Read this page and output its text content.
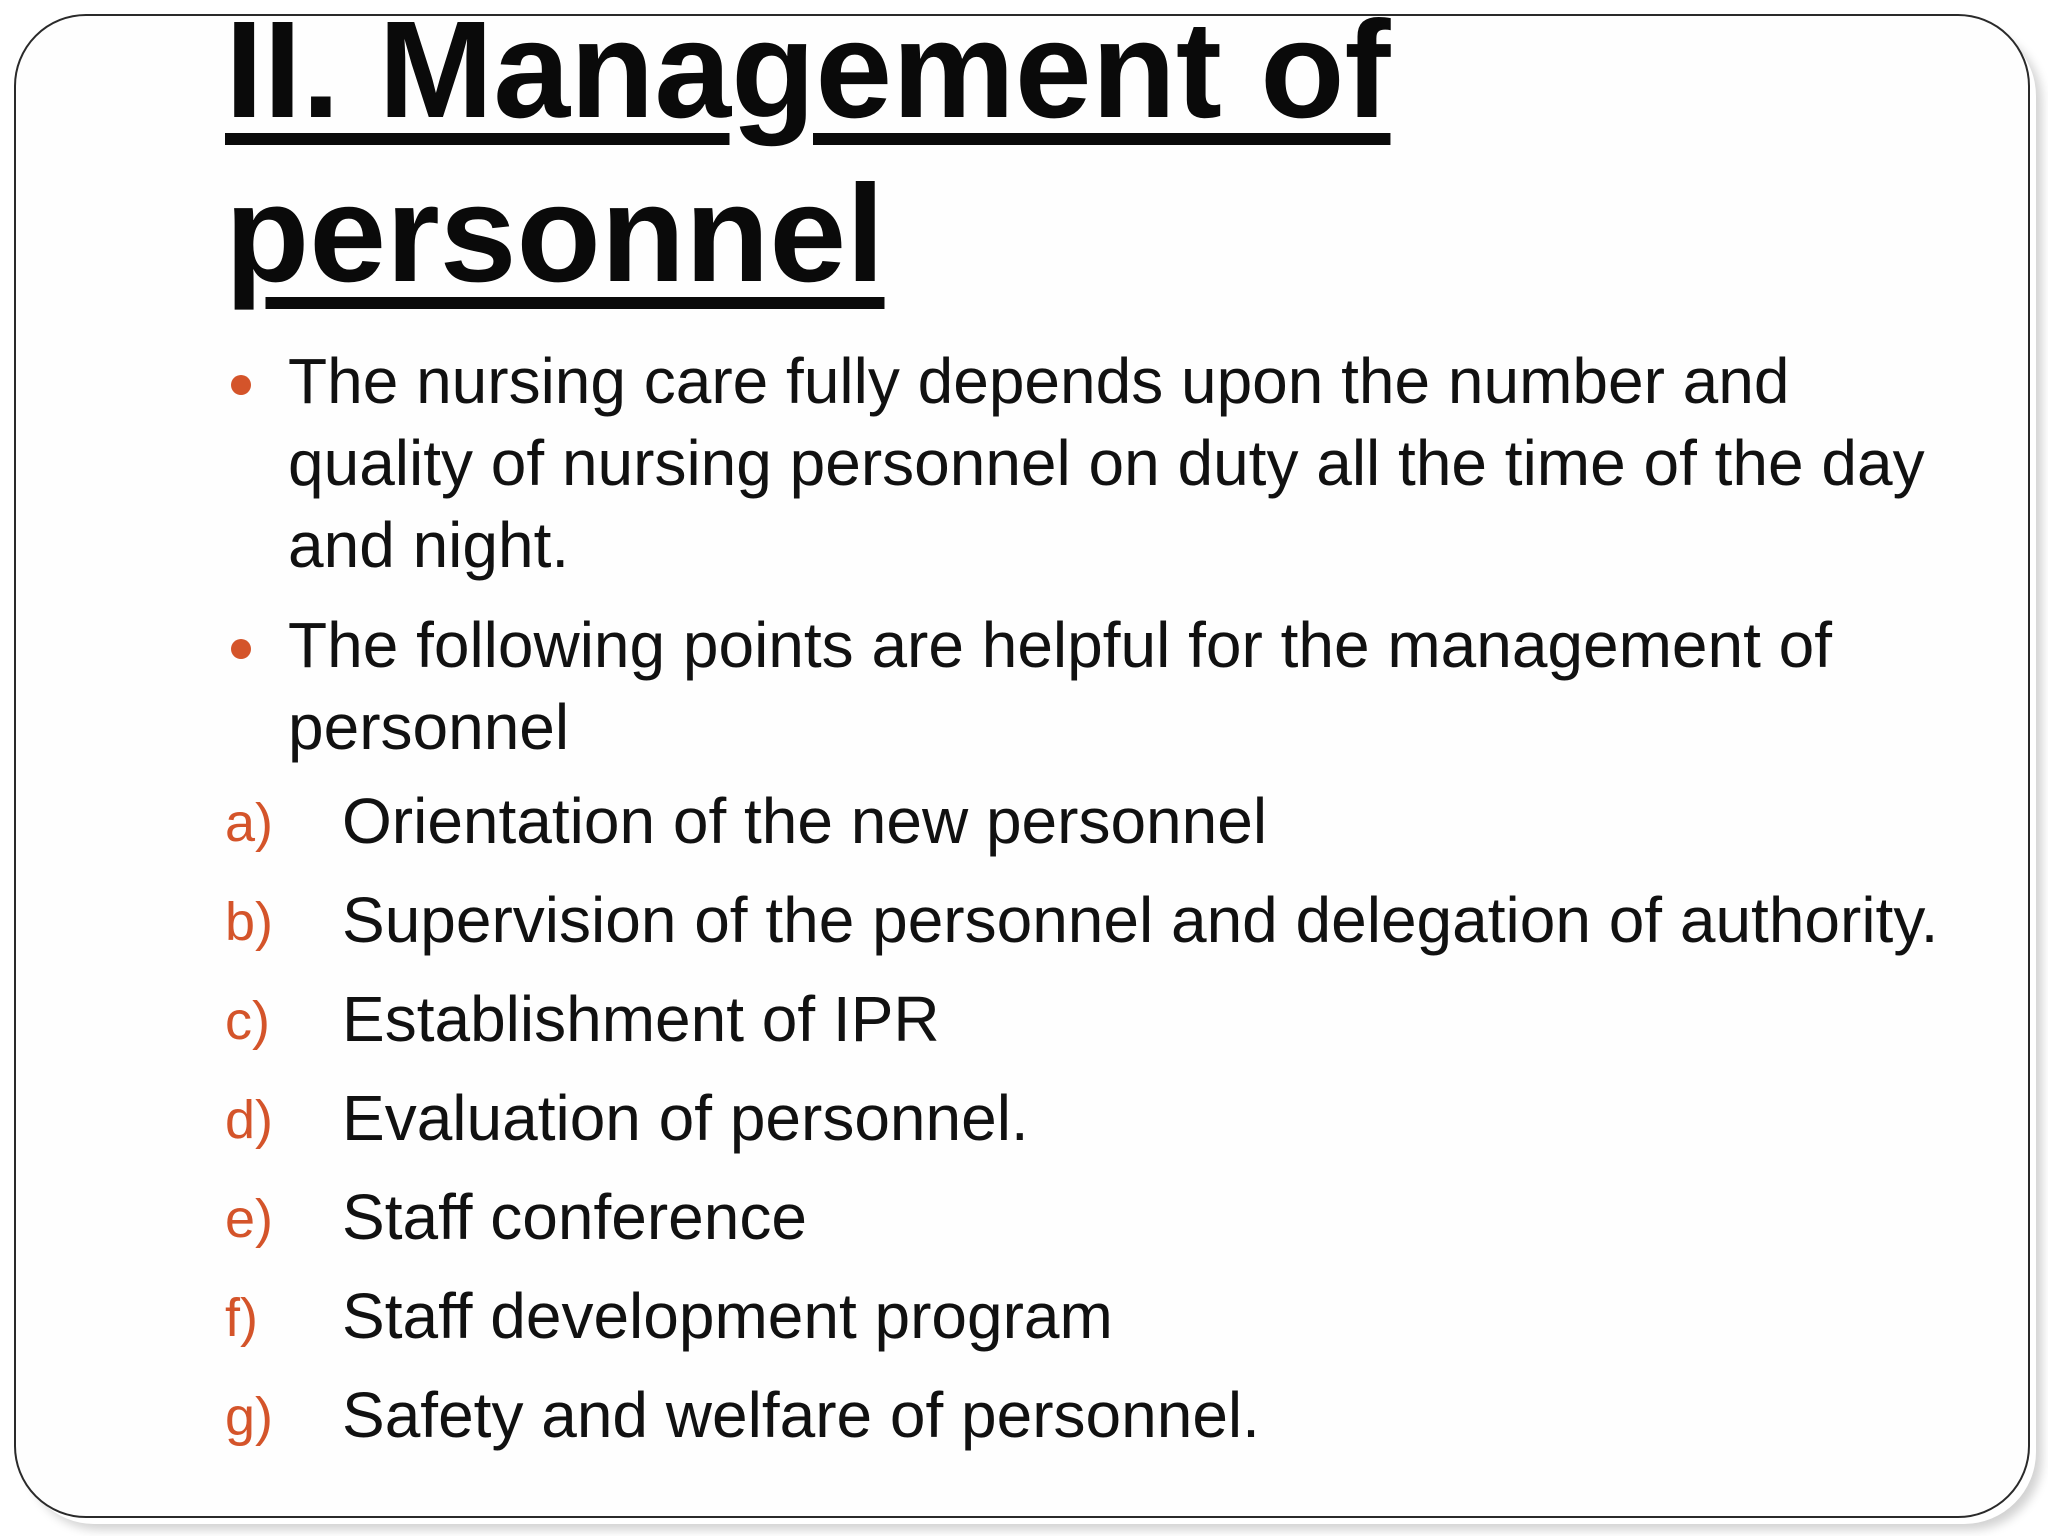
II. Management of personnel
The nursing care fully depends upon the number and quality of nursing personnel on duty all the time of the day and night.
The following points are helpful for the management of personnel
a) Orientation of the new personnel
b) Supervision of the personnel and delegation of authority.
c) Establishment of IPR
d) Evaluation of personnel.
e) Staff conference
f) Staff development program
g) Safety and welfare of personnel.
